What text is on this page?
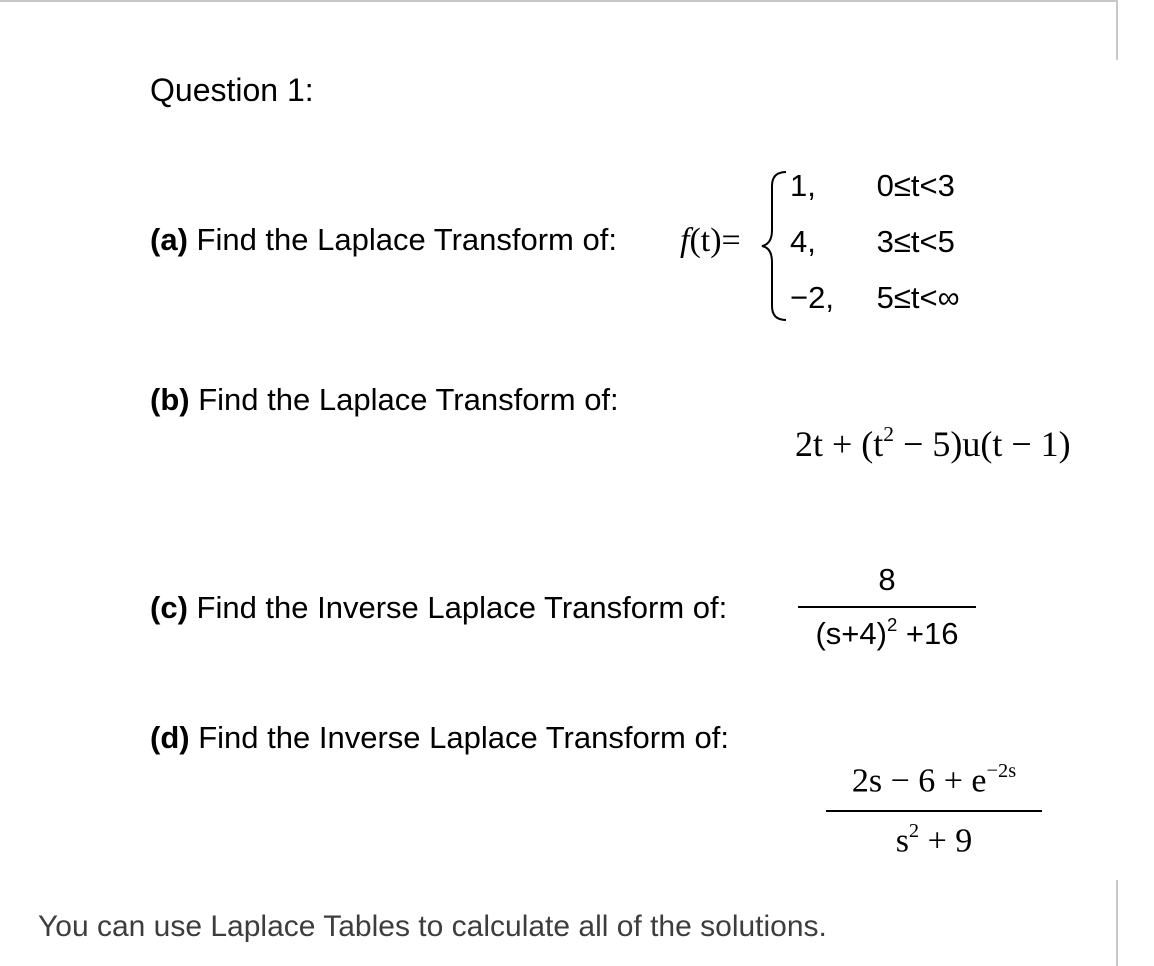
Question 1:
(a) Find the Laplace Transform of: f(t)=
1, 0≤t<3
4, 3≤t<5
−2, 5≤t<∞
(b) Find the Laplace Transform of:
$2t + (t^2 - 5)u(t - 1)$
(c) Find the Inverse Laplace Transform of:
8
$(s+4)^2 +16$
(d) Find the Inverse Laplace Transform of:
$2s - 6 + e^{-2s}$
$s^2 + 9$
You can use Laplace Tables to calculate all of the solutions.
